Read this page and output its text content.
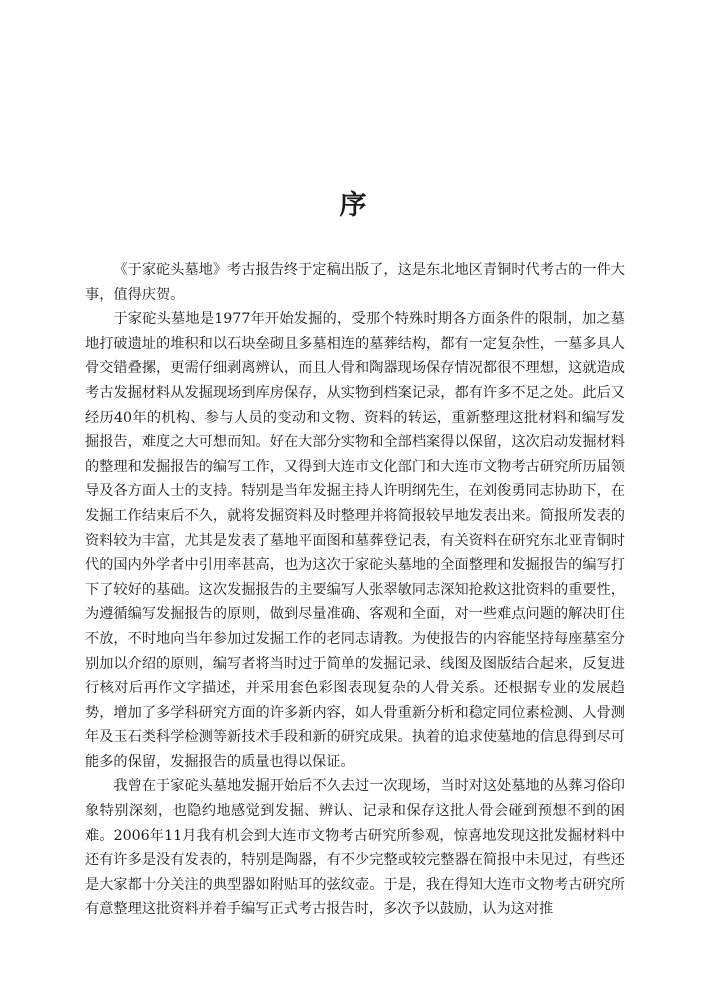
序

《于家砣头墓地》考古报告终于定稿出版了，这是东北地区青铜时代考古的一件大事，值得庆贺。

于家砣头墓地是1977年开始发掘的，受那个特殊时期各方面条件的限制，加之墓地打破遗址的堆积和以石块垒砌且多墓相连的墓葬结构，都有一定复杂性，一墓多具人骨交错叠摞，更需仔细剥离辨认，而且人骨和陶器现场保存情况都很不理想，这就造成考古发掘材料从发掘现场到库房保存，从实物到档案记录，都有许多不足之处。此后又经历40年的机构、参与人员的变动和文物、资料的转运，重新整理这批材料和编写发掘报告，难度之大可想而知。好在大部分实物和全部档案得以保留，这次启动发掘材料的整理和发掘报告的编写工作，又得到大连市文化部门和大连市文物考古研究所历届领导及各方面人士的支持。特别是当年发掘主持人许明纲先生，在刘俊勇同志协助下，在发掘工作结束后不久，就将发掘资料及时整理并将简报较早地发表出来。简报所发表的资料较为丰富，尤其是发表了墓地平面图和墓葬登记表，有关资料在研究东北亚青铜时代的国内外学者中引用率甚高，也为这次于家砣头墓地的全面整理和发掘报告的编写打下了较好的基础。这次发掘报告的主要编写人张翠敏同志深知抢救这批资料的重要性，为遵循编写发掘报告的原则，做到尽量准确、客观和全面，对一些难点问题的解决盯住不放，不时地向当年参加过发掘工作的老同志请教。为使报告的内容能坚持每座墓室分别加以介绍的原则，编写者将当时过于简单的发掘记录、线图及图版结合起来，反复进行核对后再作文字描述，并采用套色彩图表现复杂的人骨关系。还根据专业的发展趋势，增加了多学科研究方面的许多新内容，如人骨重新分析和稳定同位素检测、人骨测年及玉石类科学检测等新技术手段和新的研究成果。执着的追求使墓地的信息得到尽可能多的保留，发掘报告的质量也得以保证。

我曾在于家砣头墓地发掘开始后不久去过一次现场，当时对这处墓地的丛葬习俗印象特别深刻，也隐约地感觉到发掘、辨认、记录和保存这批人骨会碰到预想不到的困难。2006年11月我有机会到大连市文物考古研究所参观，惊喜地发现这批发掘材料中还有许多是没有发表的，特别是陶器，有不少完整或较完整器在简报中未见过，有些还是大家都十分关注的典型器如附贴耳的弦纹壶。于是，我在得知大连市文物考古研究所有意整理这批资料并着手编写正式考古报告时，多次予以鼓励，认为这对推
